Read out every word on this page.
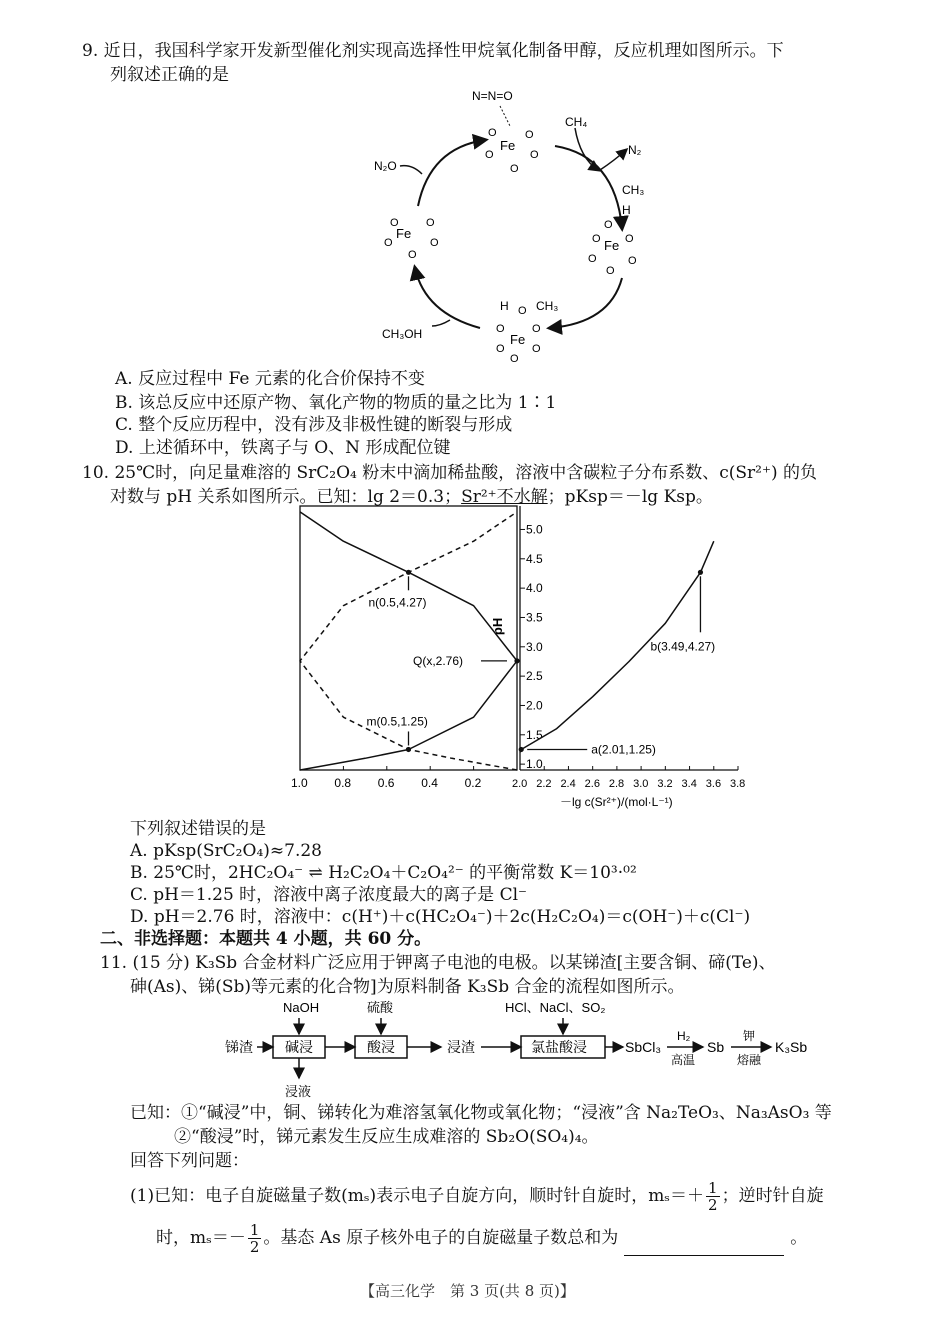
9. 近日，我国科学家开发新型催化剂实现高选择性甲烷氧化制备甲醇，反应机理如图所示。下
列叙述正确的是
N=N=O
Fe
O	O
O	O
O
CH₄
N₂
N₂O
CH₃
H
O
Fe
O O
O	O
O
Fe
O O
O	O
O
H O CH₃
Fe
O O
O O
O
CH₃OH
A. 反应过程中 Fe 元素的化合价保持不变
B. 该总反应中还原产物、氧化产物的物质的量之比为 1∶1
C. 整个反应历程中，没有涉及非极性键的断裂与形成
D. 上述循环中，铁离子与 O、N 形成配位键
10. 25℃时，向足量难溶的 SrC₂O₄ 粉末中滴加稀盐酸，溶液中含碳粒子分布系数、c(Sr²⁺) 的负
对数与 pH 关系如图所示。已知：lg 2＝0.3；Sr²⁺不水解；pKsp＝－lg Ksp。
1.0
1.5
2.0
2.5
3.0
3.5
4.0
4.5
5.0
pH
1.0 0.8 0.6 0.4 0.2	2.0 2.2 2.4 2.6 2.8 3.0 3.2 3.4 3.6 3.8
－lg c(Sr²⁺)/(mol·L⁻¹)
n(0.5,4.27)
Q(x,2.76)
m(0.5,1.25)
b(3.49,4.27)
a(2.01,1.25)
下列叙述错误的是
A. pKsp(SrC₂O₄)≈7.28
B. 25℃时，2HC₂O₄⁻ ⇌ H₂C₂O₄＋C₂O₄²⁻ 的平衡常数 K＝10³·⁰²
C. pH＝1.25 时，溶液中离子浓度最大的离子是 Cl⁻
D. pH＝2.76 时，溶液中：c(H⁺)＋c(HC₂O₄⁻)＋2c(H₂C₂O₄)＝c(OH⁻)＋c(Cl⁻)
二、非选择题：本题共 4 小题，共 60 分。
11. (15 分) K₃Sb 合金材料广泛应用于钾离子电池的电极。以某锑渣[主要含铜、碲(Te)、
砷(As)、锑(Sb)等元素的化合物]为原料制备 K₃Sb 合金的流程如图所示。
NaOH	硫酸	HCl、NaCl、SO₂
锑渣 碱浸	酸浸	浸渣	氯盐酸浸	SbCl₃
H₂
高温
Sb
钾
熔融
K₃Sb
浸液
已知：①“碱浸”中，铜、锑转化为难溶氢氧化物或氧化物；“浸液”含 Na₂TeO₃、Na₃AsO₃ 等
②“酸浸”时，锑元素发生反应生成难溶的 Sb₂O(SO₄)₄。
回答下列问题：
(1)已知：电子自旋磁量子数(mₛ)表示电子自旋方向，顺时针自旋时，$m_s=+ \frac{1}{2}$ ；逆时针自旋
时，$m_s=- \frac{1}{2}$ 。基态 As 原子核外电子的自旋磁量子数总和为	。
【高三化学　第 3 页(共 8 页)】
